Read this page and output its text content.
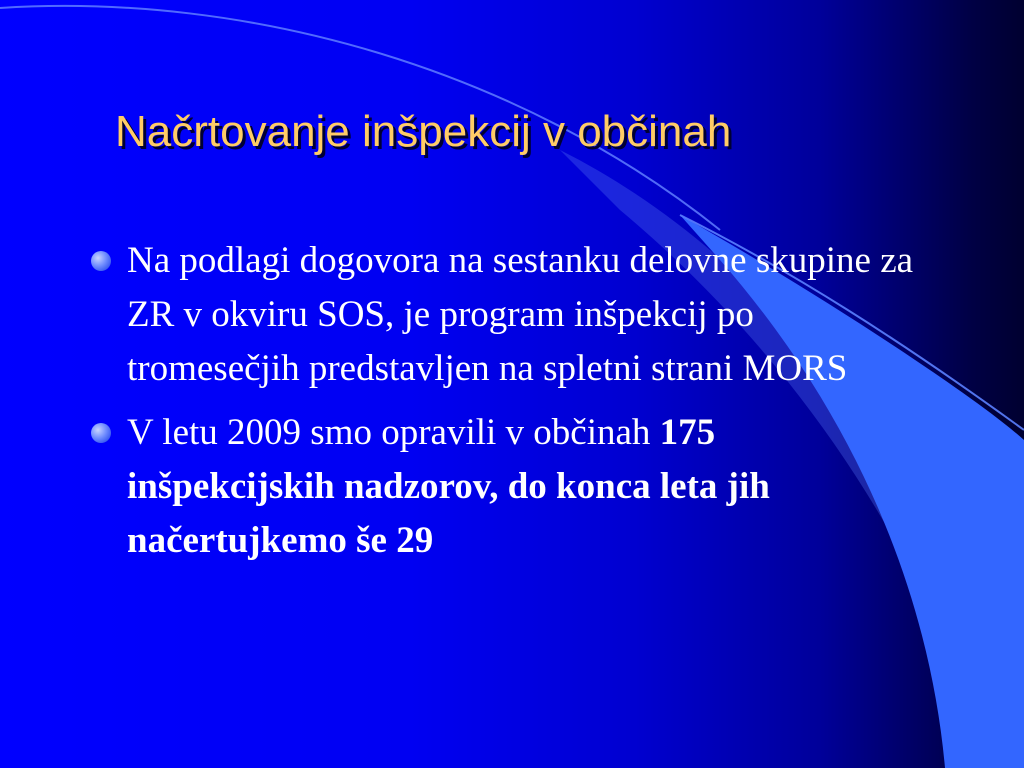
Načrtovanje inšpekcij v občinah
Na podlagi dogovora na sestanku delovne skupine za ZR v okviru SOS, je program inšpekcij po tromesečjih predstavljen na spletni strani MORS
V letu 2009 smo opravili v občinah 175 inšpekcijskih nadzorov, do konca leta jih načertujkemo še 29
